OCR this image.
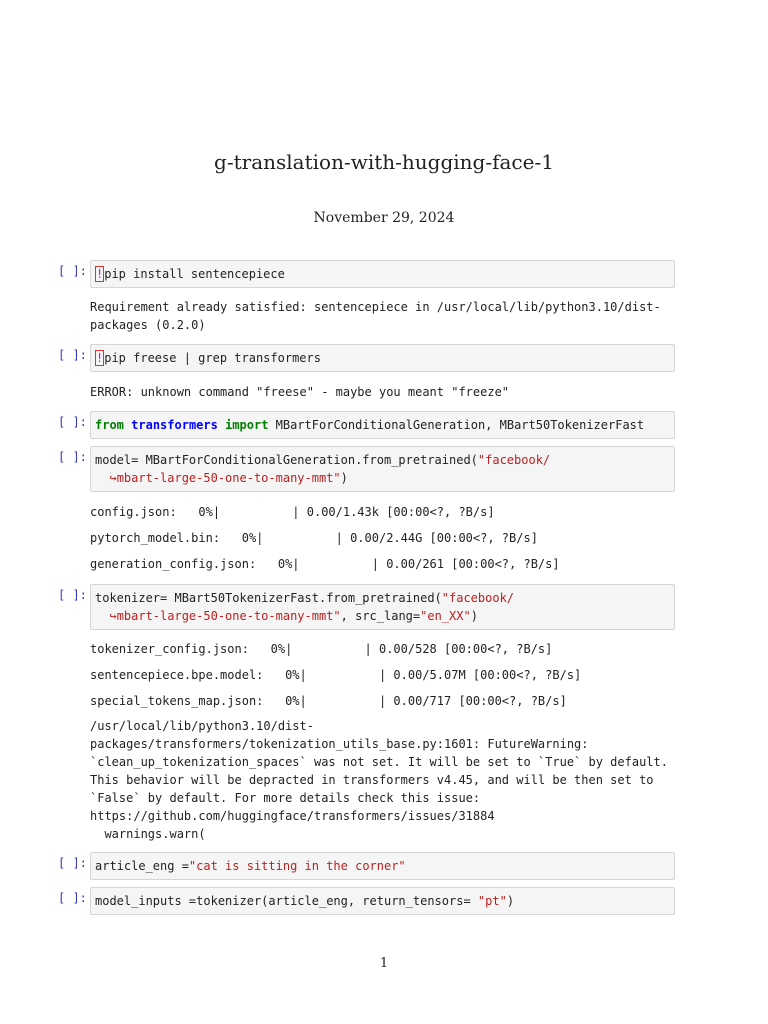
g-translation-with-hugging-face-1
November 29, 2024
[ ]: !pip install sentencepiece
Requirement already satisfied: sentencepiece in /usr/local/lib/python3.10/dist-
packages (0.2.0)
[ ]: !pip freese | grep transformers
ERROR: unknown command "freese" - maybe you meant "freeze"
[ ]: from transformers import MBartForConditionalGeneration, MBart50TokenizerFast
[ ]: model= MBartForConditionalGeneration.from_pretrained("facebook/
↪mbart-large-50-one-to-many-mmt")
config.json:   0%|          | 0.00/1.43k [00:00<?, ?B/s]
pytorch_model.bin:   0%|          | 0.00/2.44G [00:00<?, ?B/s]
generation_config.json:   0%|          | 0.00/261 [00:00<?, ?B/s]
[ ]: tokenizer= MBart50TokenizerFast.from_pretrained("facebook/
↪mbart-large-50-one-to-many-mmt", src_lang="en_XX")
tokenizer_config.json:   0%|          | 0.00/528 [00:00<?, ?B/s]
sentencepiece.bpe.model:   0%|          | 0.00/5.07M [00:00<?, ?B/s]
special_tokens_map.json:   0%|          | 0.00/717 [00:00<?, ?B/s]
/usr/local/lib/python3.10/dist-
packages/transformers/tokenization_utils_base.py:1601: FutureWarning:
`clean_up_tokenization_spaces` was not set. It will be set to `True` by default.
This behavior will be depracted in transformers v4.45, and will be then set to
`False` by default. For more details check this issue:
https://github.com/huggingface/transformers/issues/31884
warnings.warn(
[ ]: article_eng ="cat is sitting in the corner"
[ ]: model_inputs =tokenizer(article_eng, return_tensors= "pt")
1
